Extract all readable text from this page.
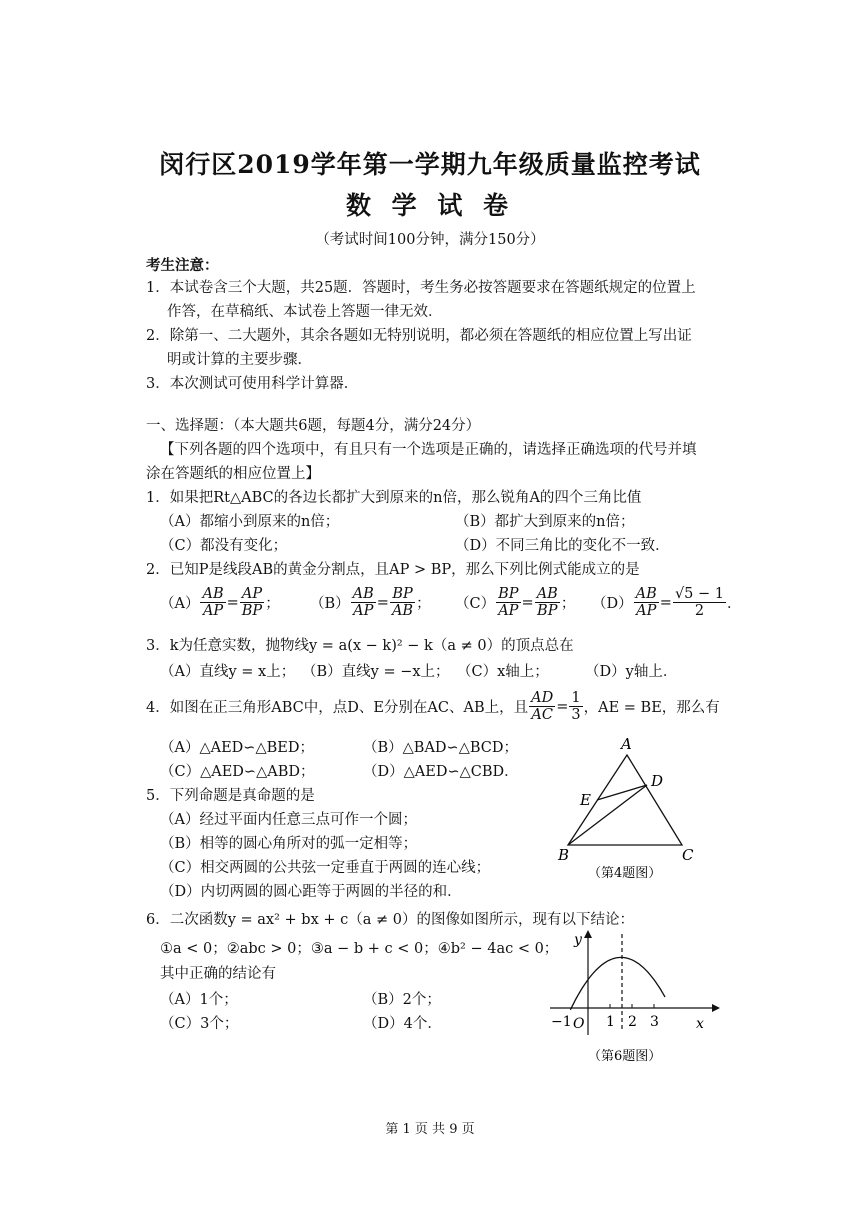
闵行区2019学年第一学期九年级质量监控考试
数 学 试 卷
（考试时间100分钟，满分150分）
考生注意：
1．本试卷含三个大题，共25题．答题时，考生务必按答题要求在答题纸规定的位置上
作答，在草稿纸、本试卷上答题一律无效．
2．除第一、二大题外，其余各题如无特别说明，都必须在答题纸的相应位置上写出证
明或计算的主要步骤．
3．本次测试可使用科学计算器．
一、选择题：（本大题共6题，每题4分，满分24分）
【下列各题的四个选项中，有且只有一个选项是正确的，请选择正确选项的代号并填
涂在答题纸的相应位置上】
1．如果把Rt△ABC的各边长都扩大到原来的n倍，那么锐角A的四个三角比值
（A）都缩小到原来的n倍；	（B）都扩大到原来的n倍；
（C）都没有变化；	（D）不同三角比的变化不一致．
2．已知P是线段AB的黄金分割点，且AP > BP，那么下列比例式能成立的是
$(A) \frac{AB}{AP} = \frac{AP}{BP}$ ； $(B) \frac{AB}{AP} = \frac{BP}{AB}$ ； $(C) \frac{BP}{AP} = \frac{AB}{BP}$ ； $(D) \frac{AB}{AP} = \frac{√5 - 1}{2}$ ．
3．k为任意实数，抛物线y = a(x − k)² − k（a ≠ 0）的顶点总在
（A）直线y = x上； （B）直线y = −x上； （C）x轴上； （D）y轴上．
4．如图在正三角形ABC中，点D、E分别在AC、AB上，且 $\frac{AD}{AC} = \frac{1}{3}$ ，AE = BE，那么有
（A）△AED∽△BED；	（B）△BAD∽△BCD；
（C）△AED∽△ABD；	（D）△AED∽△CBD．
A
D
E
B	C
（第4题图）
5．下列命题是真命题的是
（A）经过平面内任意三点可作一个圆；
（B）相等的圆心角所对的弧一定相等；
（C）相交两圆的公共弦一定垂直于两圆的连心线；
（D）内切两圆的圆心距等于两圆的半径的和．
6．二次函数y = ax² + bx + c（a ≠ 0）的图像如图所示，现有以下结论：
①a < 0；②abc > 0；③a − b + c < 0；④b² − 4ac < 0；
其中正确的结论有
（A）1个；	（B）2个；
（C）3个；	（D）4个．
y
x
O
−1 1 2 3
（第6题图）
第 1 页 共 9 页
